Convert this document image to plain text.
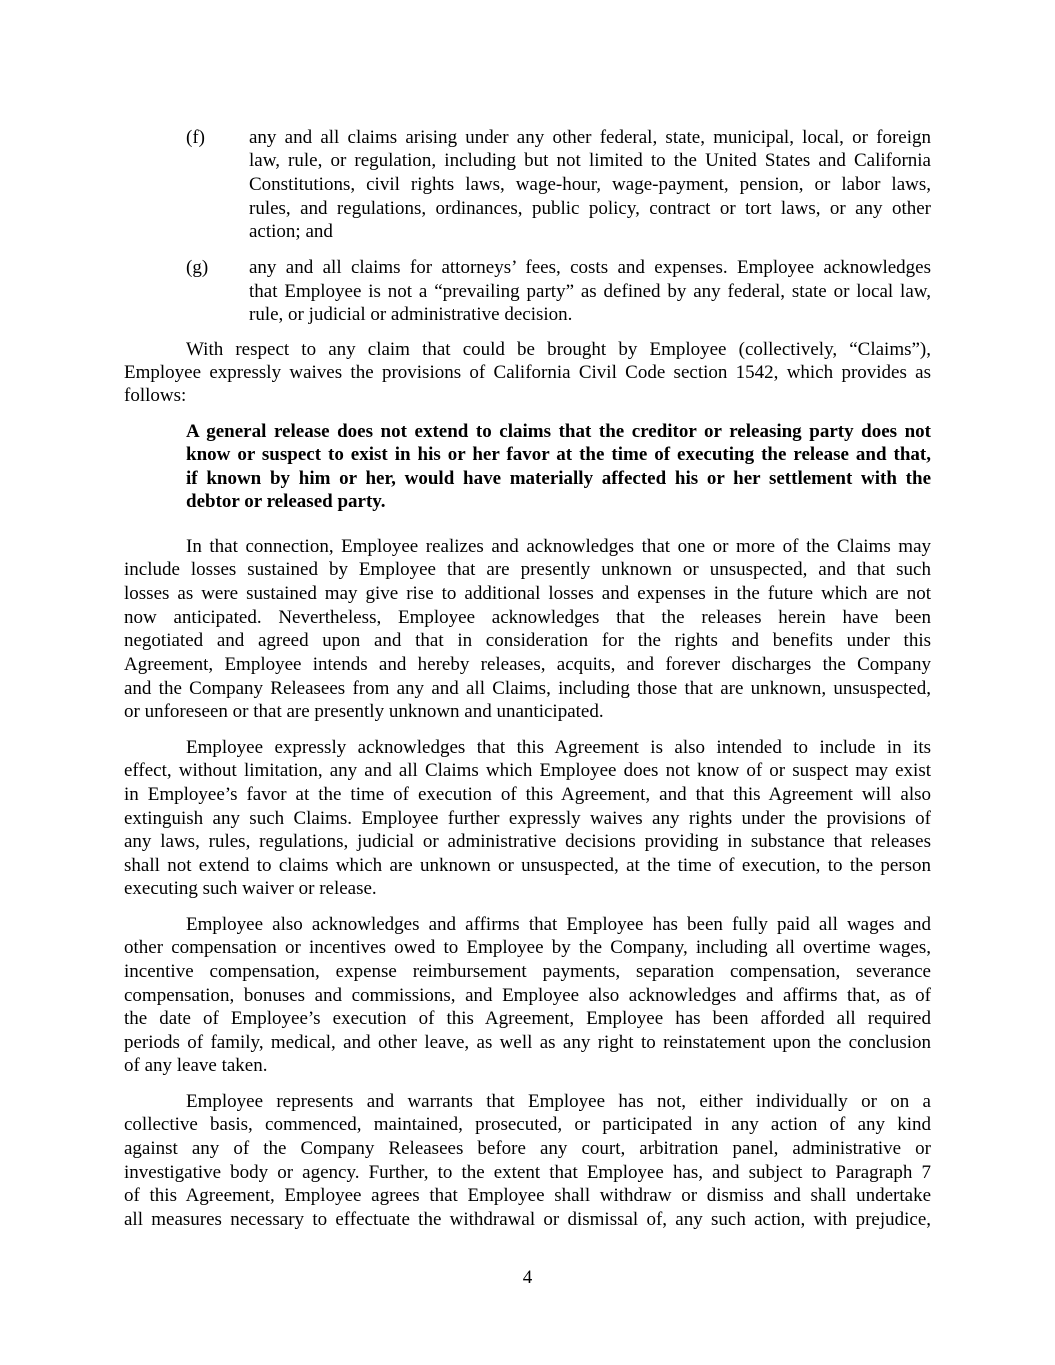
(f) any and all claims arising under any other federal, state, municipal, local, or foreign
law, rule, or regulation, including but not limited to the United States and California
Constitutions, civil rights laws, wage-hour, wage-payment, pension, or labor laws,
rules, and regulations, ordinances, public policy, contract or tort laws, or any other
action; and
(g) any and all claims for attorneys’ fees, costs and expenses. Employee acknowledges
that Employee is not a “prevailing party” as defined by any federal, state or local law,
rule, or judicial or administrative decision.
With respect to any claim that could be brought by Employee (collectively, “Claims”),
Employee expressly waives the provisions of California Civil Code section 1542, which provides as
follows:
A general release does not extend to claims that the creditor or releasing party does not
know or suspect to exist in his or her favor at the time of executing the release and that,
if known by him or her, would have materially affected his or her settlement with the
debtor or released party.
In that connection, Employee realizes and acknowledges that one or more of the Claims may
include losses sustained by Employee that are presently unknown or unsuspected, and that such
losses as were sustained may give rise to additional losses and expenses in the future which are not
now anticipated. Nevertheless, Employee acknowledges that the releases herein have been
negotiated and agreed upon and that in consideration for the rights and benefits under this
Agreement, Employee intends and hereby releases, acquits, and forever discharges the Company
and the Company Releasees from any and all Claims, including those that are unknown, unsuspected,
or unforeseen or that are presently unknown and unanticipated.
Employee expressly acknowledges that this Agreement is also intended to include in its
effect, without limitation, any and all Claims which Employee does not know of or suspect may exist
in Employee’s favor at the time of execution of this Agreement, and that this Agreement will also
extinguish any such Claims. Employee further expressly waives any rights under the provisions of
any laws, rules, regulations, judicial or administrative decisions providing in substance that releases
shall not extend to claims which are unknown or unsuspected, at the time of execution, to the person
executing such waiver or release.
Employee also acknowledges and affirms that Employee has been fully paid all wages and
other compensation or incentives owed to Employee by the Company, including all overtime wages,
incentive compensation, expense reimbursement payments, separation compensation, severance
compensation, bonuses and commissions, and Employee also acknowledges and affirms that, as of
the date of Employee’s execution of this Agreement, Employee has been afforded all required
periods of family, medical, and other leave, as well as any right to reinstatement upon the conclusion
of any leave taken.
Employee represents and warrants that Employee has not, either individually or on a
collective basis, commenced, maintained, prosecuted, or participated in any action of any kind
against any of the Company Releasees before any court, arbitration panel, administrative or
investigative body or agency. Further, to the extent that Employee has, and subject to Paragraph 7
of this Agreement, Employee agrees that Employee shall withdraw or dismiss and shall undertake
all measures necessary to effectuate the withdrawal or dismissal of, any such action, with prejudice,
4
